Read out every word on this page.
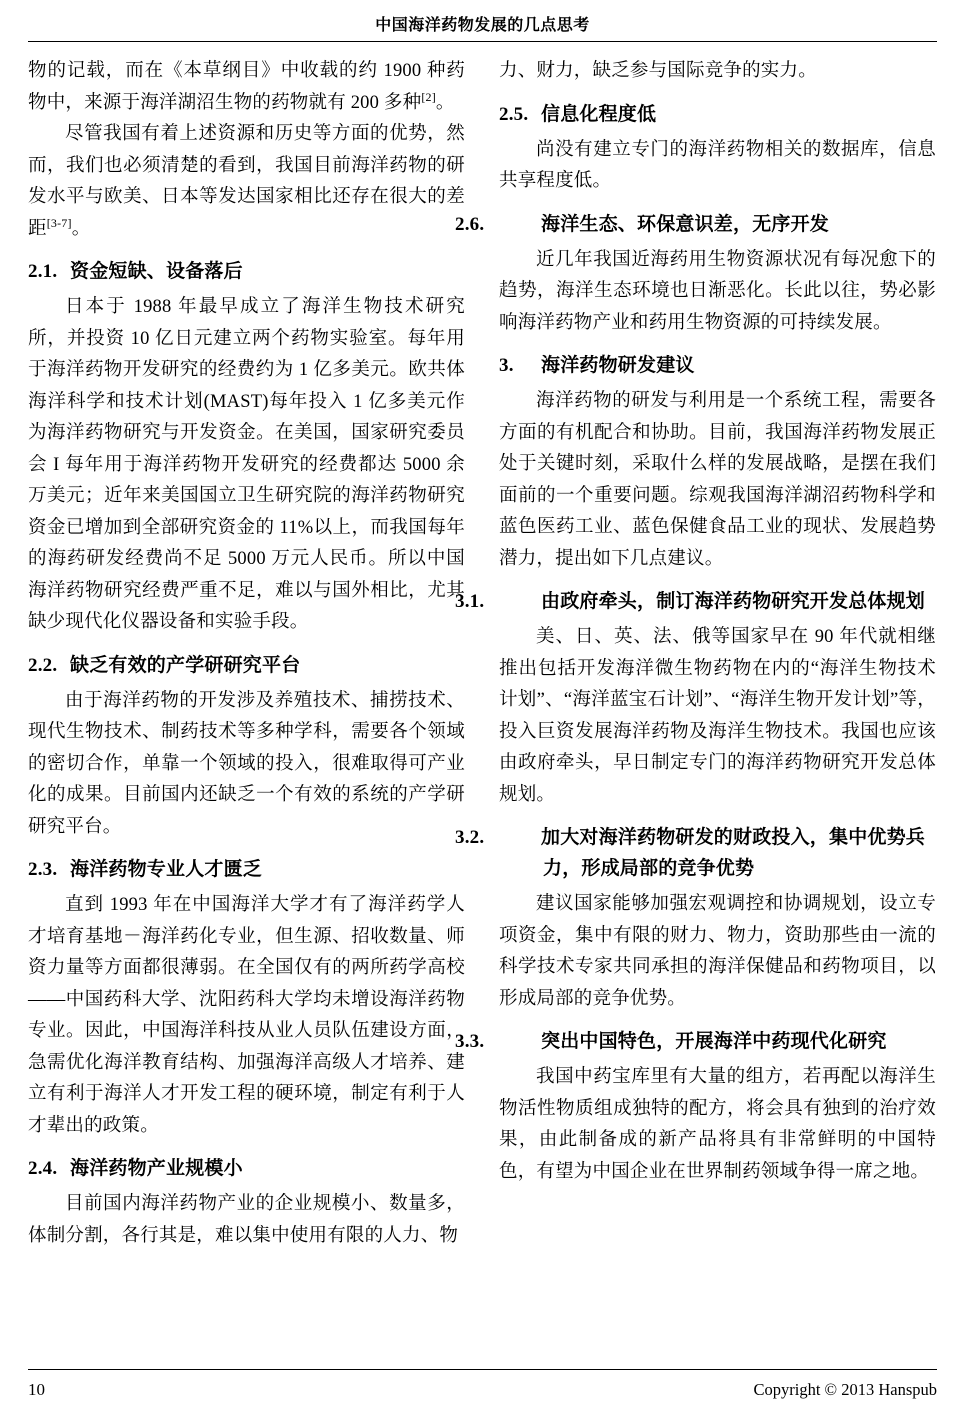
中国海洋药物发展的几点思考

物的记载，而在《本草纲目》中收载的约 1900 种药物中，来源于海洋湖沼生物的药物就有 200 多种[2]。

尽管我国有着上述资源和历史等方面的优势，然而，我们也必须清楚的看到，我国目前海洋药物的研发水平与欧美、日本等发达国家相比还存在很大的差距[3-7]。

2.1. 资金短缺、设备落后

日本于 1988 年最早成立了海洋生物技术研究所，并投资 10 亿日元建立两个药物实验室。每年用于海洋药物开发研究的经费约为 1 亿多美元。欧共体海洋科学和技术计划(MAST)每年投入 1 亿多美元作为海洋药物研究与开发资金。在美国，国家研究委员会 I 每年用于海洋药物开发研究的经费都达 5000 余万美元；近年来美国国立卫生研究院的海洋药物研究资金已增加到全部研究资金的 11%以上，而我国每年的海药研发经费尚不足 5000 万元人民币。所以中国海洋药物研究经费严重不足，难以与国外相比，尤其缺少现代化仪器设备和实验手段。

2.2. 缺乏有效的产学研研究平台

由于海洋药物的开发涉及养殖技术、捕捞技术、现代生物技术、制药技术等多种学科，需要各个领域的密切合作，单靠一个领域的投入，很难取得可产业化的成果。目前国内还缺乏一个有效的系统的产学研研究平台。

2.3. 海洋药物专业人才匮乏

直到 1993 年在中国海洋大学才有了海洋药学人才培育基地－海洋药化专业，但生源、招收数量、师资力量等方面都很薄弱。在全国仅有的两所药学高校——中国药科大学、沈阳药科大学均未增设海洋药物专业。因此，中国海洋科技从业人员队伍建设方面，急需优化海洋教育结构、加强海洋高级人才培养、建立有利于海洋人才开发工程的硬环境，制定有利于人才辈出的政策。

2.4. 海洋药物产业规模小

目前国内海洋药物产业的企业规模小、数量多，体制分割，各行其是，难以集中使用有限的人力、物

力、财力，缺乏参与国际竞争的实力。

2.5. 信息化程度低

尚没有建立专门的海洋药物相关的数据库，信息共享程度低。

2.6.	海洋生态、环保意识差，无序开发

近几年我国近海药用生物资源状况有每况愈下的趋势，海洋生态环境也日渐恶化。长此以往，势必影响海洋药物产业和药用生物资源的可持续发展。

3. 海洋药物研发建议

海洋药物的研发与利用是一个系统工程，需要各方面的有机配合和协助。目前，我国海洋药物发展正处于关键时刻，采取什么样的发展战略，是摆在我们面前的一个重要问题。综观我国海洋湖沼药物科学和蓝色医药工业、蓝色保健食品工业的现状、发展趋势潜力，提出如下几点建议。

3.1.	由政府牵头，制订海洋药物研究开发总体规划

美、日、英、法、俄等国家早在 90 年代就相继推出包括开发海洋微生物药物在内的“海洋生物技术计划”、“海洋蓝宝石计划”、“海洋生物开发计划”等，投入巨资发展海洋药物及海洋生物技术。我国也应该由政府牵头，早日制定专门的海洋药物研究开发总体规划。

3.2.	加大对海洋药物研发的财政投入，集中优势兵力，形成局部的竞争优势

建议国家能够加强宏观调控和协调规划，设立专项资金，集中有限的财力、物力，资助那些由一流的科学技术专家共同承担的海洋保健品和药物项目，以形成局部的竞争优势。

3.3.	突出中国特色，开展海洋中药现代化研究

我国中药宝库里有大量的组方，若再配以海洋生物活性物质组成独特的配方，将会具有独到的治疗效果，由此制备成的新产品将具有非常鲜明的中国特色，有望为中国企业在世界制药领域争得一席之地。

10	Copyright © 2013 Hanspub
